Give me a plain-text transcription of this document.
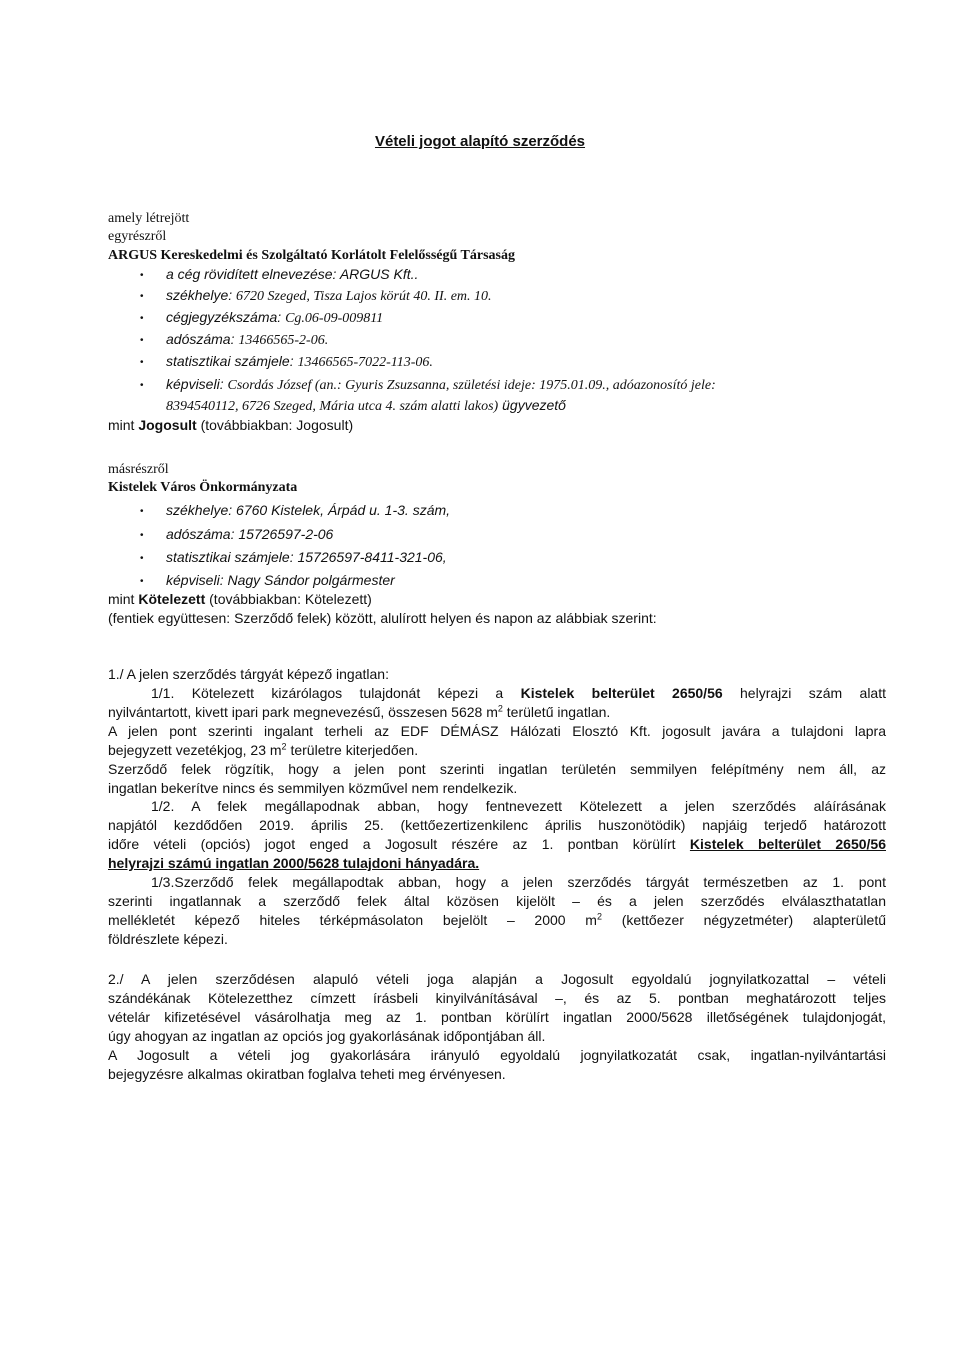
Vételi jogot alapító szerződés
amely létrejött
egyrészről
ARGUS Kereskedelmi és Szolgáltató Korlátolt Felelősségű Társaság
• a cég rövidített elnevezése: ARGUS Kft..
• székhelye: 6720 Szeged, Tisza Lajos körút 40. II. em. 10.
• cégjegyzékszáma: Cg.06-09-009811
• adószáma: 13466565-2-06.
• statisztikai számjele: 13466565-7022-113-06.
• képviseli: Csordás József (an.: Gyuris Zsuzsanna, születési ideje: 1975.01.09., adóazonosító jele:
8394540112, 6726 Szeged, Mária utca 4. szám alatti lakos) ügyvezető
mint Jogosult (továbbiakban: Jogosult)
másrészről
Kistelek Város Önkormányzata
• székhelye: 6760 Kistelek, Árpád u. 1-3. szám,
• adószáma: 15726597-2-06
• statisztikai számjele: 15726597-8411-321-06,
• képviseli: Nagy Sándor polgármester
mint Kötelezett (továbbiakban: Kötelezett)
(fentiek együttesen: Szerződő felek) között, alulírott helyen és napon az alábbiak szerint:
1./ A jelen szerződés tárgyát képező ingatlan:
1/1. Kötelezett kizárólagos tulajdonát képezi a Kistelek belterület 2650/56 helyrajzi szám alatt
nyilvántartott, kivett ipari park megnevezésű, összesen 5628 $m^2$ területű ingatlan.
A jelen pont szerinti ingalant terheli az EDF DÉMÁSZ Hálózati Elosztó Kft. jogosult javára a tulajdoni lapra
bejegyzett vezetékjog, 23 $m^2$ területre kiterjedően.
Szerződő felek rögzítik, hogy a jelen pont szerinti ingatlan területén semmilyen felépítmény nem áll, az
ingatlan bekerítve nincs és semmilyen közművel nem rendelkezik.
1/2. A felek megállapodnak abban, hogy fentnevezett Kötelezett a jelen szerződés aláírásának
napjától kezdődően 2019. április 25. (kettőezertizenkilenc április huszonötödik) napjáig terjedő határozott
időre vételi (opciós) jogot enged a Jogosult részére az 1. pontban körülírt Kistelek belterület 2650/56
helyrajzi számú ingatlan 2000/5628 tulajdoni hányadára.
1/3.Szerződő felek megállapodtak abban, hogy a jelen szerződés tárgyát természetben az 1. pont
szerinti ingatlannak a szerződő felek által közösen kijelölt – és a jelen szerződés elválaszthatatlan
mellékletét képező hiteles térképmásolaton bejelölt – 2000 $m^2$ (kettőezer négyzetméter) alapterületű
földrészlete képezi.
2./ A jelen szerződésen alapuló vételi joga alapján a Jogosult egyoldalú jognyilatkozattal – vételi
szándékának Kötelezetthez címzett írásbeli kinyilvánításával –, és az 5. pontban meghatározott teljes
vételár kifizetésével vásárolhatja meg az 1. pontban körülírt ingatlan 2000/5628 illetőségének tulajdonjogát,
úgy ahogyan az ingatlan az opciós jog gyakorlásának időpontjában áll.
A Jogosult a vételi jog gyakorlására irányuló egyoldalú jognyilatkozatát csak, ingatlan-nyilvántartási
bejegyzésre alkalmas okiratban foglalva teheti meg érvényesen.
